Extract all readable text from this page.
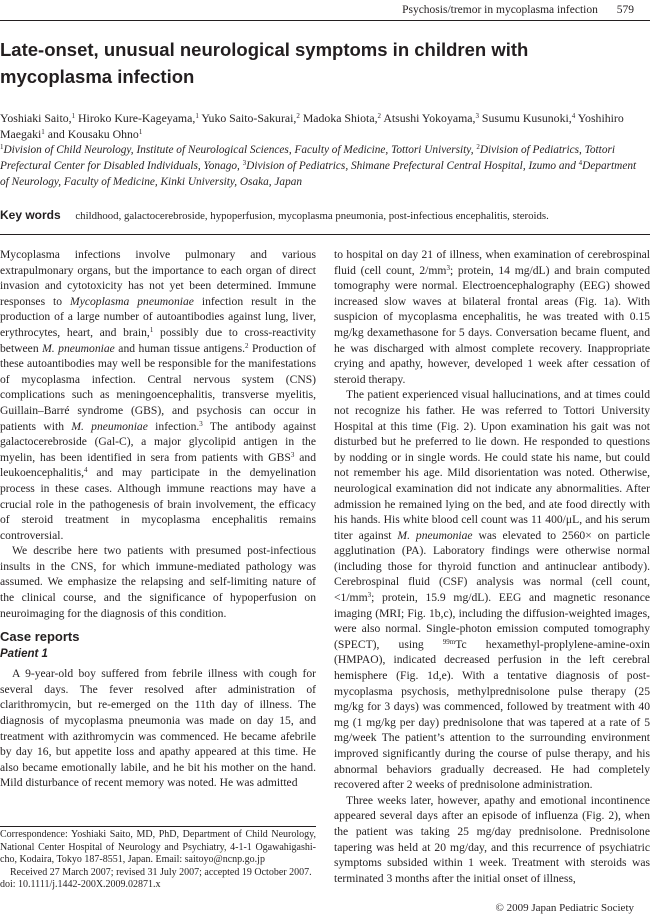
Psychosis/tremor in mycoplasma infection 579
Late-onset, unusual neurological symptoms in children with mycoplasma infection
Yoshiaki Saito,$^1$ Hiroko Kure-Kageyama,$^1$ Yuko Saito-Sakurai,$^2$ Madoka Shiota,$^2$ Atsushi Yokoyama,$^3$ Susumu Kusunoki,$^4$ Yoshihiro Maegaki$^1$ and Kousaku Ohno$^1$
$^1$Division of Child Neurology, Institute of Neurological Sciences, Faculty of Medicine, Tottori University, $^2$Division of Pediatrics, Tottori Prefectural Center for Disabled Individuals, Yonago, $^3$Division of Pediatrics, Shimane Prefectural Central Hospital, Izumo and $^4$Department of Neurology, Faculty of Medicine, Kinki University, Osaka, Japan
Key words childhood, galactocerebroside, hypoperfusion, mycoplasma pneumonia, post-infectious encephalitis, steroids.

Mycoplasma infections involve pulmonary and various extrapulmonary organs, but the importance to each organ of direct invasion and cytotoxicity has not yet been determined. Immune responses to Mycoplasma pneumoniae infection result in the production of a large number of autoantibodies against lung, liver, erythrocytes, heart, and brain,$^1$ possibly due to cross-reactivity between M. pneumoniae and human tissue antigens.$^2$ Production of these autoantibodies may well be responsible for the manifestations of mycoplasma infection. Central nervous system (CNS) complications such as meningoencephalitis, transverse myelitis, Guillain–Barré syndrome (GBS), and psychosis can occur in patients with M. pneumoniae infection.$^3$ The antibody against galactocerebroside (Gal-C), a major glycolipid antigen in the myelin, has been identified in sera from patients with GBS$^3$ and leukoencephalitis,$^4$ and may participate in the demyelination process in these cases. Although immune reactions may have a crucial role in the pathogenesis of brain involvement, the efficacy of steroid treatment in mycoplasma encephalitis remains controversial.

We describe here two patients with presumed post-infectious insults in the CNS, for which immune-mediated pathology was assumed. We emphasize the relapsing and self-limiting nature of the clinical course, and the significance of hypoperfusion on neuroimaging for the diagnosis of this condition.

Case reports
Patient 1

A 9-year-old boy suffered from febrile illness with cough for several days. The fever resolved after administration of clarithromycin, but re-emerged on the 11th day of illness. The diagnosis of mycoplasma pneumonia was made on day 15, and treatment with azithromycin was commenced. He became afebrile by day 16, but appetite loss and apathy appeared at this time. He also became emotionally labile, and he bit his mother on the hand. Mild disturbance of recent memory was noted. He was admitted

Correspondence: Yoshiaki Saito, MD, PhD, Department of Child Neurology, National Center Hospital of Neurology and Psychiatry, 4-1-1 Ogawahigashi-cho, Kodaira, Tokyo 187-8551, Japan. Email: saitoyo@ncnp.go.jp

Received 27 March 2007; revised 31 July 2007; accepted 19 October 2007.

doi: 10.1111/j.1442-200X.2009.02871.x

to hospital on day 21 of illness, when examination of cerebrospinal fluid (cell count, $2/mm^3$; protein, 14 mg/dL) and brain computed tomography were normal. Electroencephalography (EEG) showed increased slow waves at bilateral frontal areas (Fig. 1a). With suspicion of mycoplasma encephalitis, he was treated with 0.15 mg/kg dexamethasone for 5 days. Conversation became fluent, and he was discharged with almost complete recovery. Inappropriate crying and apathy, however, developed 1 week after cessation of steroid therapy.

The patient experienced visual hallucinations, and at times could not recognize his father. He was referred to Tottori University Hospital at this time (Fig. 2). Upon examination his gait was not disturbed but he preferred to lie down. He responded to questions by nodding or in single words. He could state his name, but could not remember his age. Mild disorientation was noted. Otherwise, neurological examination did not indicate any abnormalities. After admission he remained lying on the bed, and ate food directly with his hands. His white blood cell count was 11 400/μL, and his serum titer against M. pneumoniae was elevated to 2560× on particle agglutination (PA). Laboratory findings were otherwise normal (including those for thyroid function and antinuclear antibody). Cerebrospinal fluid (CSF) analysis was normal (cell count, $<1/mm^3$; protein, 15.9 mg/dL). EEG and magnetic resonance imaging (MRI; Fig. 1b,c), including the diffusion-weighted images, were also normal. Single-photon emission computed tomography (SPECT), using $^{99m}$Tc hexamethyl-proplylene-amine-oxin (HMPAO), indicated decreased perfusion in the left cerebral hemisphere (Fig. 1d,e). With a tentative diagnosis of post-mycoplasma psychosis, methylprednisolone pulse therapy (25 mg/kg for 3 days) was commenced, followed by treatment with 40 mg (1 mg/kg per day) prednisolone that was tapered at a rate of 5 mg/week The patient’s attention to the surrounding environment improved significantly during the course of pulse therapy, and his abnormal behaviors gradually decreased. He had completely recovered after 2 weeks of prednisolone administration.

Three weeks later, however, apathy and emotional incontinence appeared several days after an episode of influenza (Fig. 2), when the patient was taking 25 mg/day prednisolone. Prednisolone tapering was held at 20 mg/day, and this recurrence of psychiatric symptoms subsided within 1 week. Treatment with steroids was terminated 3 months after the initial onset of illness,

© 2009 Japan Pediatric Society
